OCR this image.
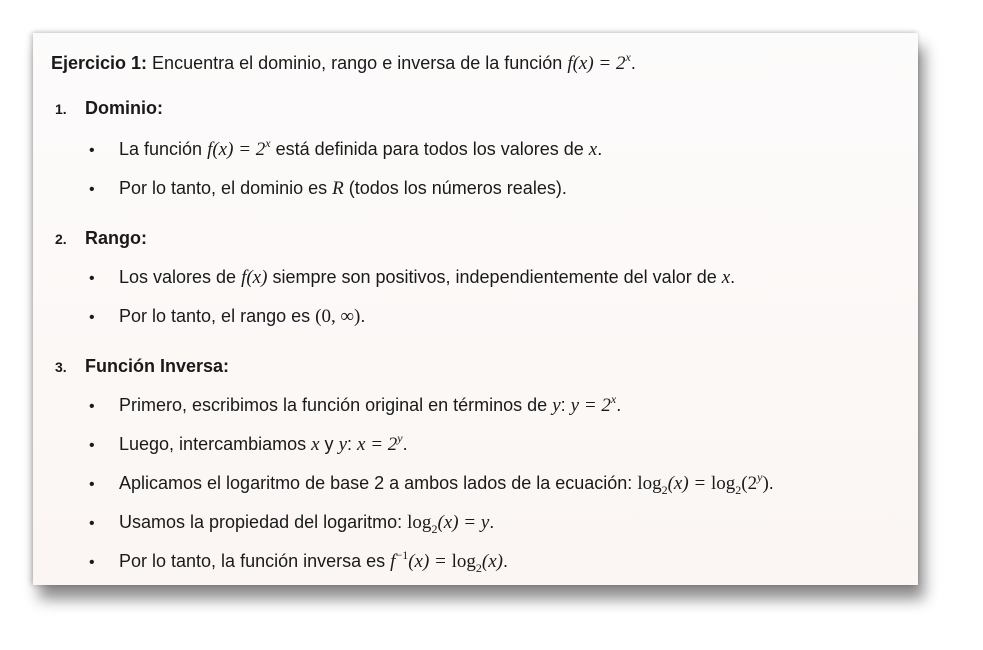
Ejercicio 1: Encuentra el dominio, rango e inversa de la función $f(x) = 2^x$.
1. Dominio:
• La función $f(x) = 2^x$ está definida para todos los valores de x.
• Por lo tanto, el dominio es R (todos los números reales).
2. Rango:
• Los valores de f(x) siempre son positivos, independientemente del valor de x.
• Por lo tanto, el rango es (0, ∞).
3. Función Inversa:
• Primero, escribimos la función original en términos de y: $y = 2^x$.
• Luego, intercambiamos x y y: $x = 2^y$.
• Aplicamos el logaritmo de base 2 a ambos lados de la ecuación: $\log_2(x) = \log_2(2^y)$.
• Usamos la propiedad del logaritmo: $\log_2(x) = y$.
• Por lo tanto, la función inversa es $f^{-1}(x) = \log_2(x)$.
